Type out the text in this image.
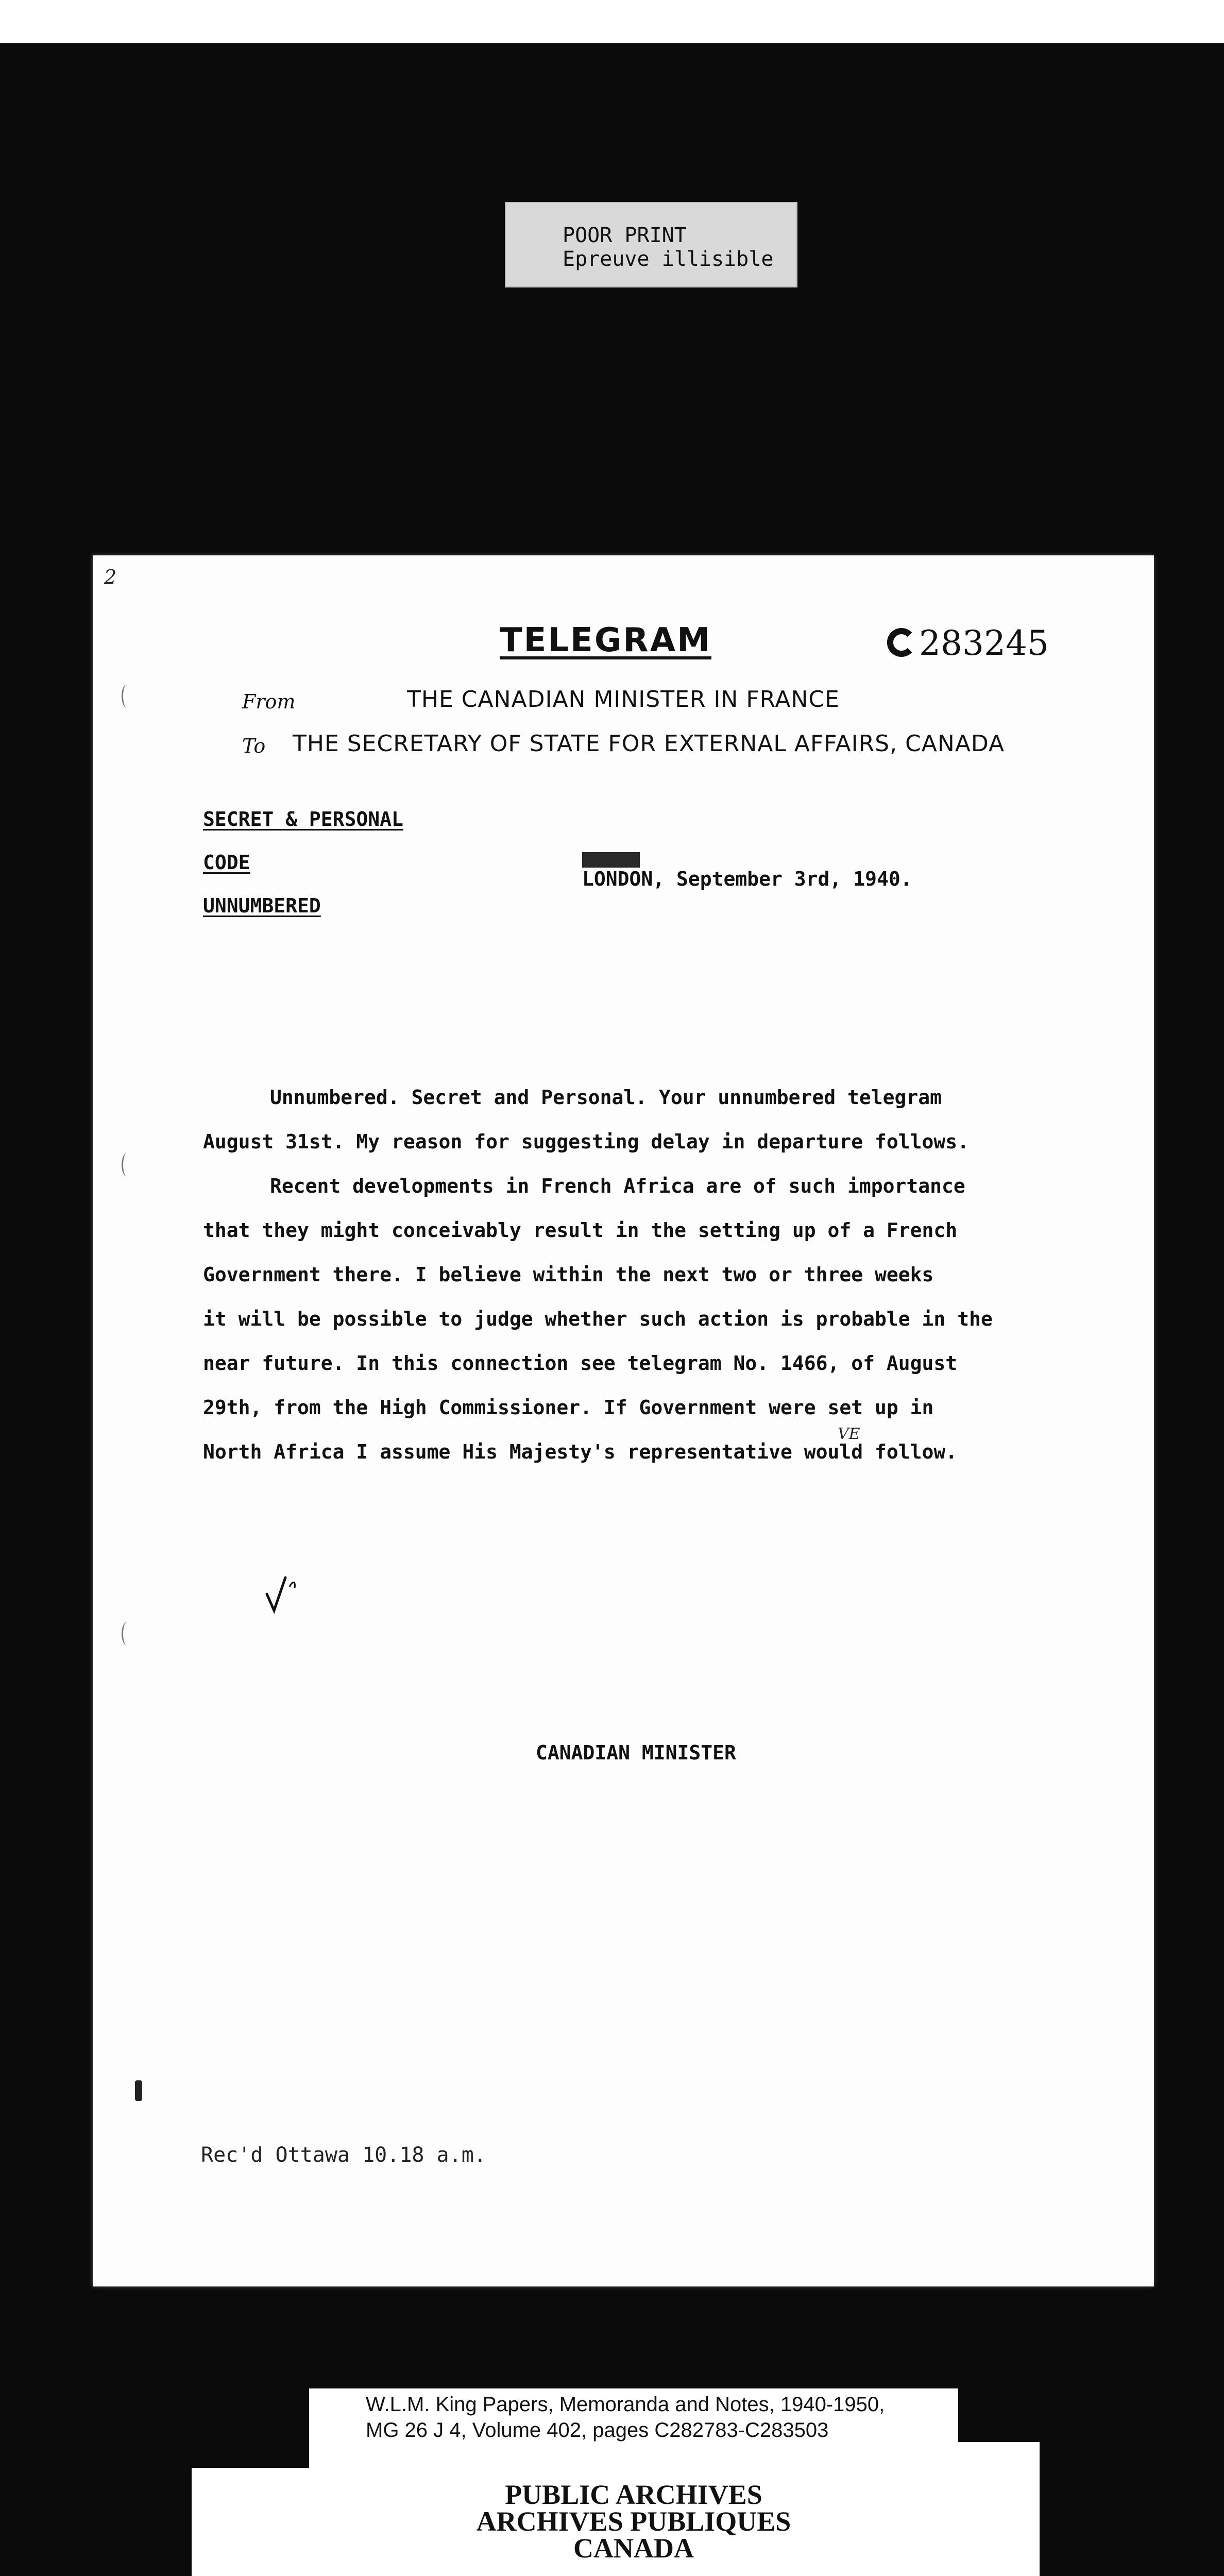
POOR PRINT
Epreuve illisible
2
TELEGRAM	283245
From	THE CANADIAN MINISTER IN FRANCE
To THE SECRETARY OF STATE FOR EXTERNAL AFFAIRS, CANADA
SECRET & PERSONAL
CODE
UNNUMBERED
LONDON, September 3rd, 1940.
Unnumbered. Secret and Personal. Your unnumbered telegram
August 31st. My reason for suggesting delay in departure follows.
Recent developments in French Africa are of such importance
that they might conceivably result in the setting up of a French
Government there. I believe within the next two or three weeks
it will be possible to judge whether such action is probable in the
near future. In this connection see telegram No. 1466, of August
29th, from the High Commissioner. If Government were set up in
North Africa I assume His Majesty's representative would follow.
VE
CANADIAN MINISTER
Rec'd Ottawa 10.18 a.m.
W.L.M. King Papers, Memoranda and Notes, 1940-1950,
MG 26 J 4, Volume 402, pages C282783-C283503
PUBLIC ARCHIVES
ARCHIVES PUBLIQUES
CANADA
